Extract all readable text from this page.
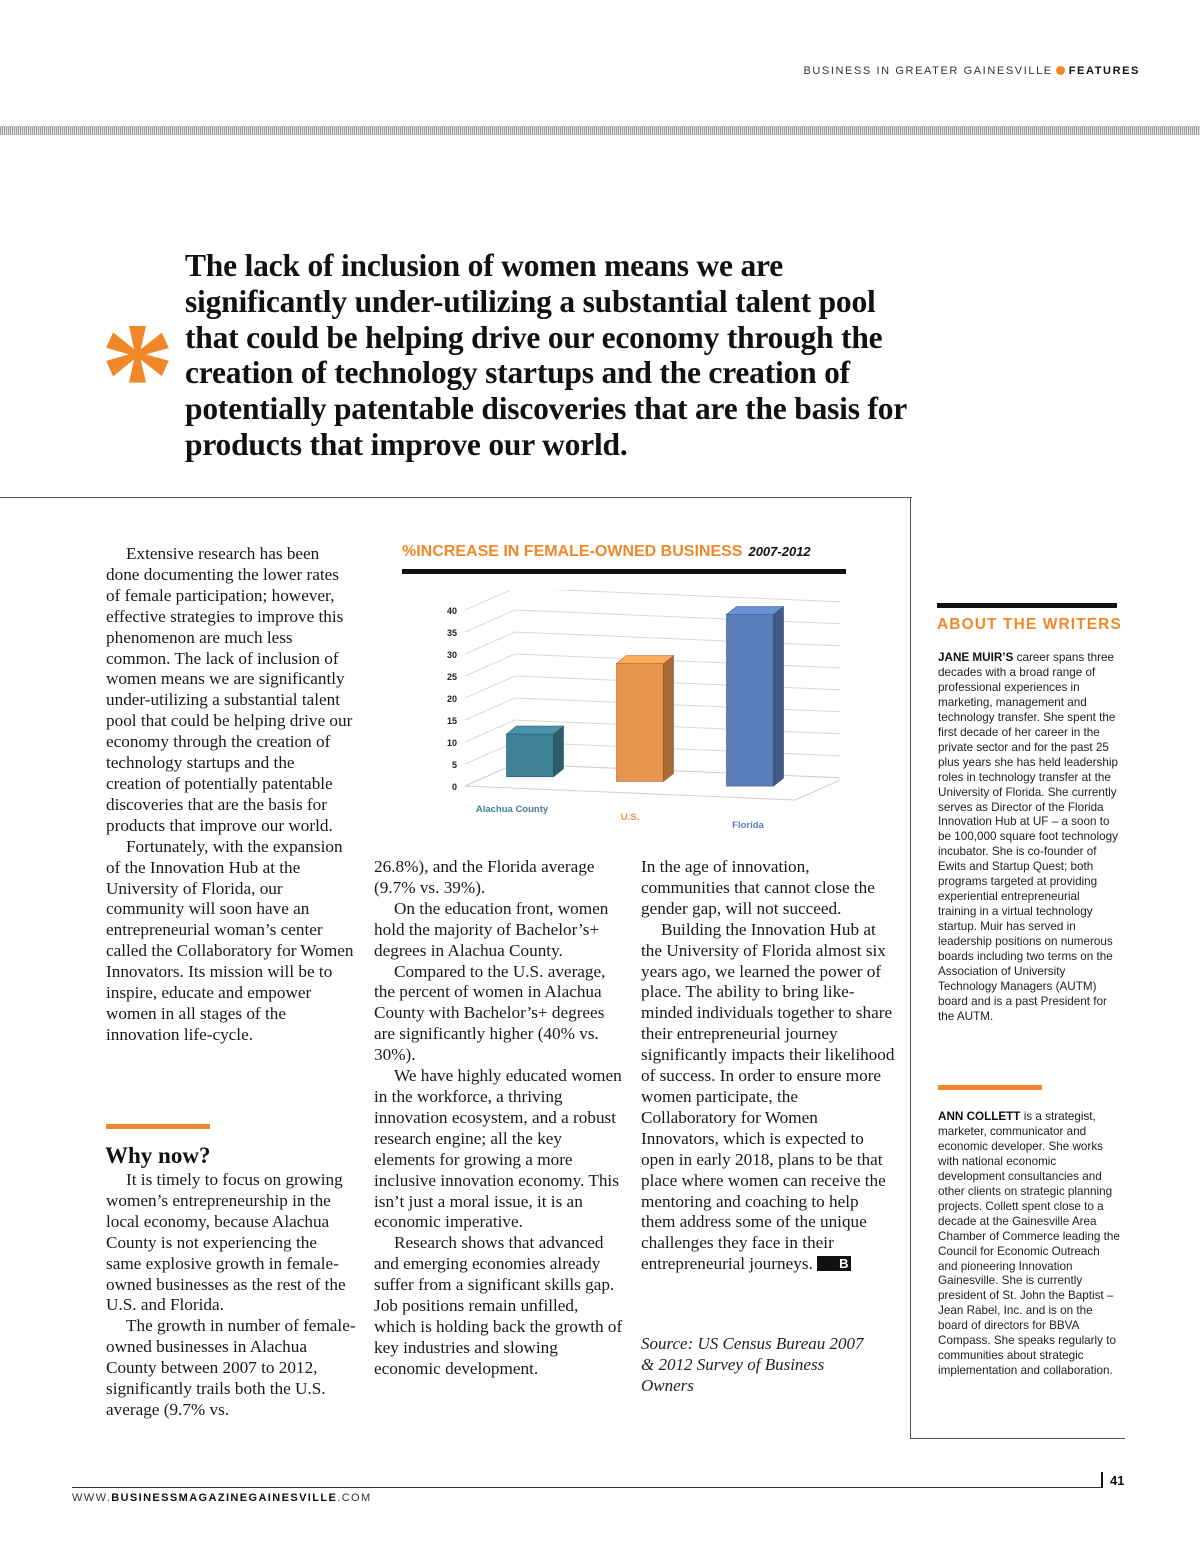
BUSINESS IN GREATER GAINESVILLE FEATURES
*

The lack of inclusion of women means we are significantly under-utilizing a substantial talent pool that could be helping drive our economy through the creation of technology startups and the creation of potentially patentable discoveries that are the basis for products that improve our world.

Extensive research has been done documenting the lower rates of female participation; however, effective strategies to improve this phenomenon are much less common. The lack of inclusion of women means we are significantly under-utilizing a substantial talent pool that could be helping drive our economy through the creation of technology startups and the creation of potentially patentable discoveries that are the basis for products that improve our world.

Fortunately, with the expansion of the Innovation Hub at the University of Florida, our community will soon have an entrepreneurial woman’s center called the Collaboratory for Women Innovators. Its mission will be to inspire, educate and empower women in all stages of the innovation life-cycle.

Why now?

It is timely to focus on growing women’s entrepreneurship in the local economy, because Alachua County is not experiencing the same explosive growth in female-owned businesses as the rest of the U.S. and Florida.

The growth in number of female-owned businesses in Alachua County between 2007 to 2012, significantly trails both the U.S. average (9.7% vs.

26.8%), and the Florida average (9.7% vs. 39%).

On the education front, women hold the majority of Bachelor’s+ degrees in Alachua County.

Compared to the U.S. average, the percent of women in Alachua County with Bachelor’s+ degrees are significantly higher (40% vs. 30%).

We have highly educated women in the workforce, a thriving innovation ecosystem, and a robust research engine; all the key elements for growing a more inclusive innovation economy. This isn’t just a moral issue, it is an economic imperative.

Research shows that advanced and emerging economies already suffer from a significant skills gap. Job positions remain unfilled, which is holding back the growth of key industries and slowing economic development.

In the age of innovation, communities that cannot close the gender gap, will not succeed.

Building the Innovation Hub at the University of Florida almost six years ago, we learned the power of place. The ability to bring like-minded individuals together to share their entrepreneurial journey significantly impacts their likelihood of success. In order to ensure more women participate, the Collaboratory for Women Innovators, which is expected to open in early 2018, plans to be that place where women can receive the mentoring and coaching to help them address some of the unique challenges they face in their entrepreneurial journeys. B

Source: US Census Bureau 2007 & 2012 Survey of Business Owners

%INCREASE IN FEMALE-OWNED BUSINESS 2007-2012
0
5
10
15
20
25
30
35
40
Alachua County
U.S.
Florida
ABOUT THE WRITERS

JANE MUIR’S career spans three decades with a broad range of professional experiences in marketing, management and technology transfer. She spent the first decade of her career in the private sector and for the past 25 plus years she has held leadership roles in technology transfer at the University of Florida. She currently serves as Director of the Florida Innovation Hub at UF – a soon to be 100,000 square foot technology incubator. She is co-founder of Ewits and Startup Quest; both programs targeted at providing experiential entrepreneurial training in a virtual technology startup. Muir has served in leadership positions on numerous boards including two terms on the Association of University Technology Managers (AUTM) board and is a past President for the AUTM.

ANN COLLETT is a strategist, marketer, communicator and economic developer. She works with national economic development consultancies and other clients on strategic planning projects. Collett spent close to a decade at the Gainesville Area Chamber of Commerce leading the Council for Economic Outreach and pioneering Innovation Gainesville. She is currently president of St. John the Baptist – Jean Rabel, Inc. and is on the board of directors for BBVA Compass. She speaks regularly to communities about strategic implementation and collaboration.

WWW.BUSINESSMAGAZINEGAINESVILLE.COM
41
